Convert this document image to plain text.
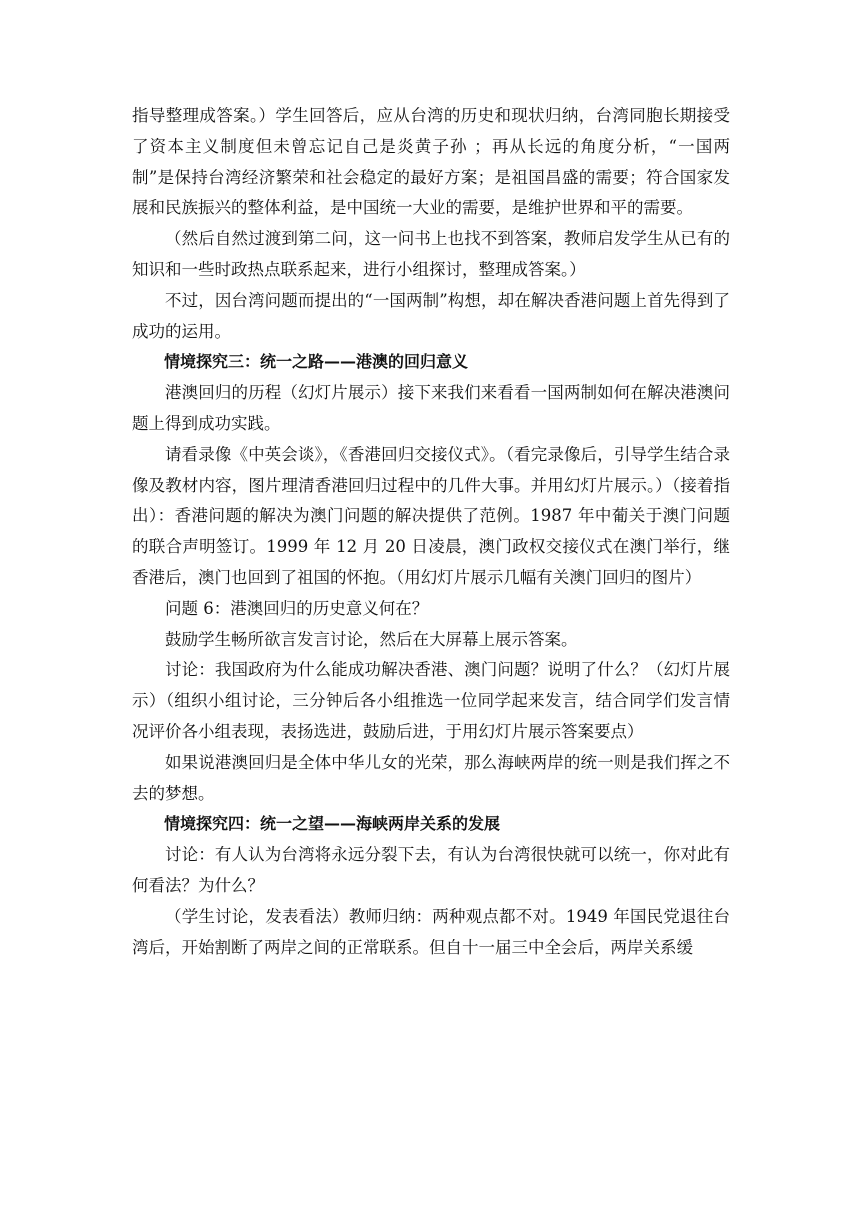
指导整理成答案。）学生回答后，应从台湾的历史和现状归纳，台湾同胞长期接受了资本主义制度但未曾忘记自己是炎黄子孙 ；再从长远的角度分析，“一国两制”是保持台湾经济繁荣和社会稳定的最好方案；是祖国昌盛的需要；符合国家发展和民族振兴的整体利益，是中国统一大业的需要，是维护世界和平的需要。

（然后自然过渡到第二问，这一问书上也找不到答案，教师启发学生从已有的知识和一些时政热点联系起来，进行小组探讨，整理成答案。）

不过，因台湾问题而提出的“一国两制”构想，却在解决香港问题上首先得到了成功的运用。

情境探究三：统一之路——港澳的回归意义

港澳回归的历程（幻灯片展示）接下来我们来看看一国两制如何在解决港澳问题上得到成功实践。

请看录像《中英会谈》，《香港回归交接仪式》。（看完录像后，引导学生结合录像及教材内容，图片理清香港回归过程中的几件大事。并用幻灯片展示。）（接着指出）：香港问题的解决为澳门问题的解决提供了范例。1987 年中葡关于澳门问题的联合声明签订。1999 年 12 月 20 日凌晨，澳门政权交接仪式在澳门举行，继香港后，澳门也回到了祖国的怀抱。（用幻灯片展示几幅有关澳门回归的图片）

问题 6：港澳回归的历史意义何在？

鼓励学生畅所欲言发言讨论，然后在大屏幕上展示答案。

讨论：我国政府为什么能成功解决香港、澳门问题？说明了什么？（幻灯片展示）（组织小组讨论，三分钟后各小组推选一位同学起来发言，结合同学们发言情况评价各小组表现，表扬选进，鼓励后进，于用幻灯片展示答案要点）

如果说港澳回归是全体中华儿女的光荣，那么海峡两岸的统一则是我们挥之不去的梦想。

情境探究四：统一之望——海峡两岸关系的发展

讨论：有人认为台湾将永远分裂下去，有认为台湾很快就可以统一，你对此有何看法？为什么？

（学生讨论，发表看法）教师归纳：两种观点都不对。1949 年国民党退往台湾后，开始割断了两岸之间的正常联系。但自十一届三中全会后，两岸关系缓
